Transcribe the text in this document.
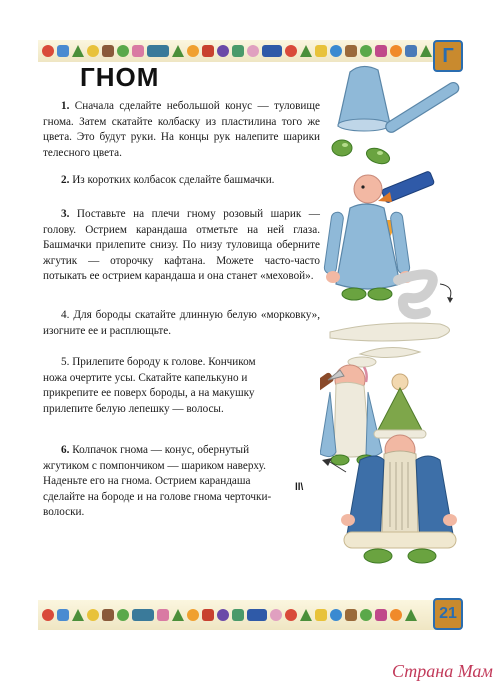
Г
ГНОМ
1. Сначала сделайте небольшой конус — туловище гнома. Затем скатайте колбаску из пластилина того же цвета. Это будут руки. На концы рук налепите шарики телесного цвета.
2. Из коротких колбасок сделайте башмачки.
3. Поставьте на плечи гному розовый шарик — голову. Острием карандаша отметьте на ней глаза. Башмачки прилепите снизу. По низу туловища оберните жгутик — оторочку кафтана. Можете часто-часто потыкать ее острием карандаша и она станет «меховой».
4. Для бороды скатайте длинную белую «морковку», изогните ее и расплющьте.
5. Прилепите бороду к голове. Кончиком ножа очертите усы. Скатайте капелькуно и прикрепите ее поверх бороды, а на макушку прилепите белую лепешку — волосы.
6. Колпачок гнома — конус, обернутый жгутиком с помпончиком — шариком наверху. Наденьте его на гнома. Острием карандаша сделайте на бороде и на голове гнома черточки-волоски.
ll\
21
Страна Мам
